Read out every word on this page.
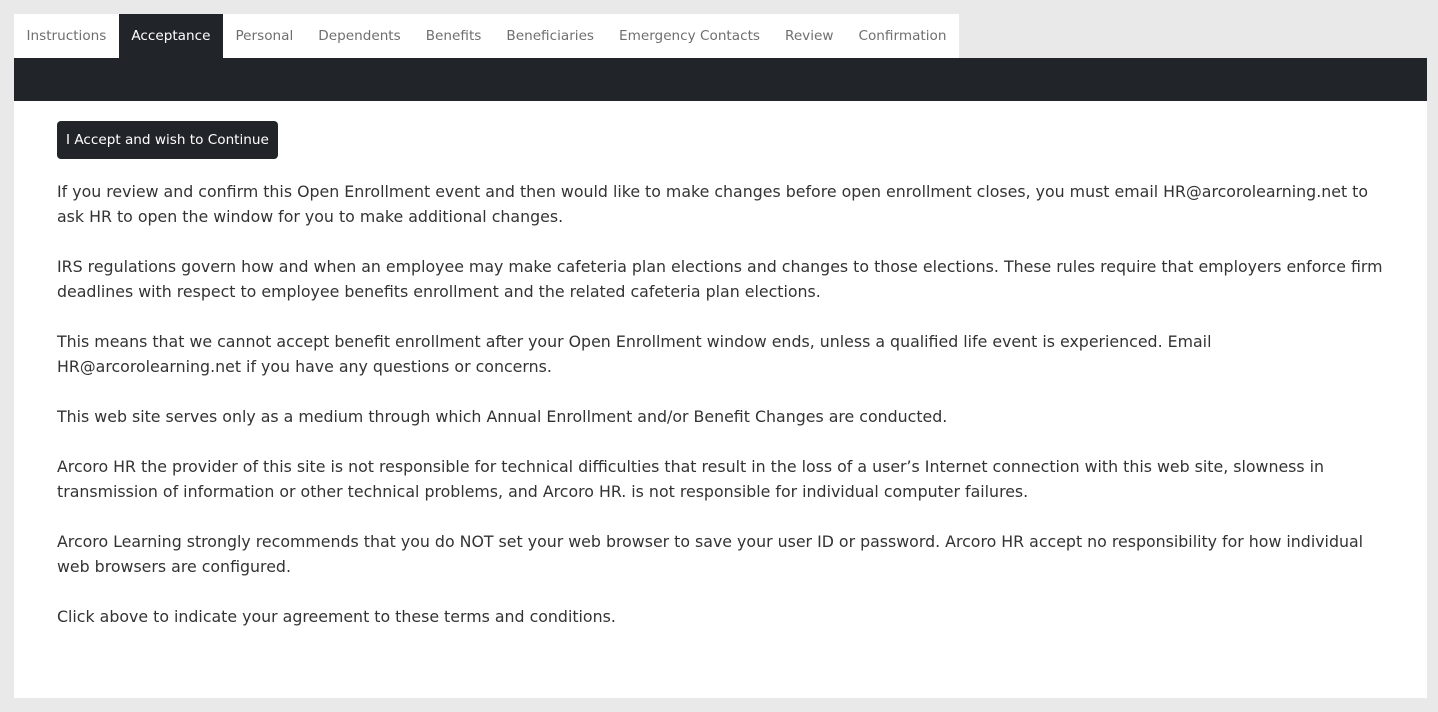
Instructions	Acceptance	Personal	Dependents	Benefits	Beneficiaries	Emergency Contacts	Review	Confirmation
I Accept and wish to Continue

If you review and confirm this Open Enrollment event and then would like to make changes before open enrollment closes, you must email HR@arcorolearning.net to ask HR to open the window for you to make additional changes.

IRS regulations govern how and when an employee may make cafeteria plan elections and changes to those elections. These rules require that employers enforce firm deadlines with respect to employee benefits enrollment and the related cafeteria plan elections.

This means that we cannot accept benefit enrollment after your Open Enrollment window ends, unless a qualified life event is experienced. Email HR@arcorolearning.net if you have any questions or concerns.

This web site serves only as a medium through which Annual Enrollment and/or Benefit Changes are conducted.

Arcoro HR the provider of this site is not responsible for technical difficulties that result in the loss of a user’s Internet connection with this web site, slowness in transmission of information or other technical problems, and Arcoro HR. is not responsible for individual computer failures.

Arcoro Learning strongly recommends that you do NOT set your web browser to save your user ID or password. Arcoro HR accept no responsibility for how individual web browsers are configured.

Click above to indicate your agreement to these terms and conditions.
